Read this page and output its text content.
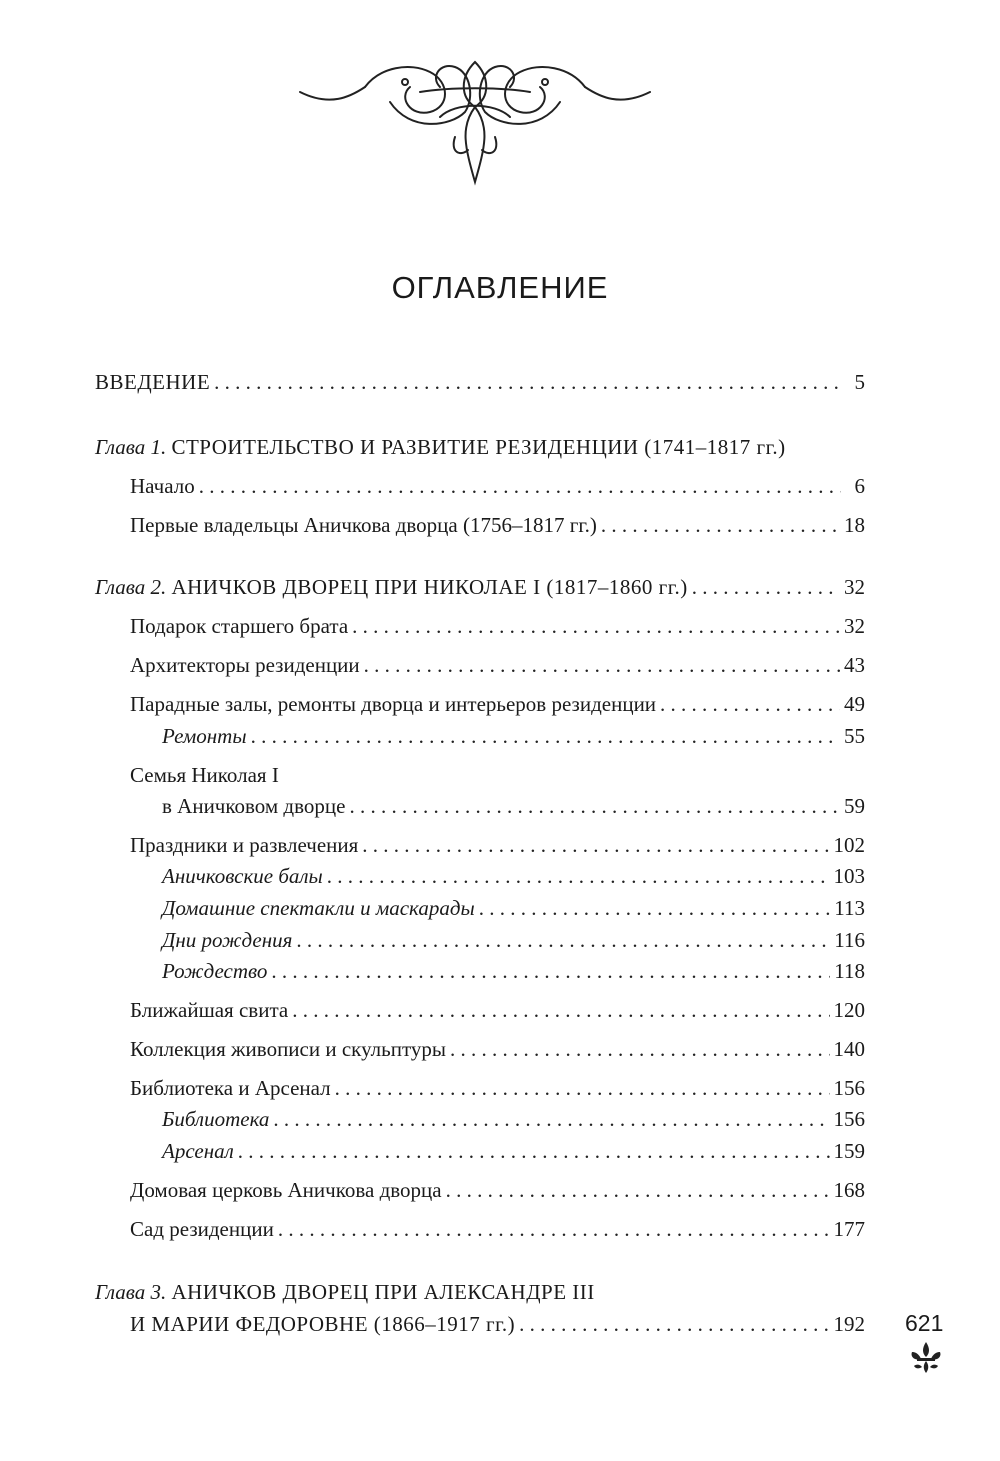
ОГЛАВЛЕНИЕ
ВВЕДЕНИЕ . . .	5
Глава 1. СТРОИТЕЛЬСТВО И РАЗВИТИЕ РЕЗИДЕНЦИИ (1741–1817 гг.)
Начало . . .	6
Первые владельцы Аничкова дворца (1756–1817 гг.) . . .	18
Глава 2. АНИЧКОВ ДВОРЕЦ ПРИ НИКОЛАЕ I (1817–1860 гг.) . . .	32
Подарок старшего брата . . .	32
Архитекторы резиденции . . .	43
Парадные залы, ремонты дворца и интерьеров резиденции . . .	49
Ремонты . . .	55
Семья Николая I
в Аничковом дворце . . .	59
Праздники и развлечения . . .	102
Аничковские балы . . .	103
Домашние спектакли и маскарады . . .	113
Дни рождения . . .	116
Рождество . . .	118
Ближайшая свита . . .	120
Коллекция живописи и скульптуры . . .	140
Библиотека и Арсенал . . .	156
Библиотека . . .	156
Арсенал . . .	159
Домовая церковь Аничкова дворца . . .	168
Сад резиденции . . .	177
Глава 3. АНИЧКОВ ДВОРЕЦ ПРИ АЛЕКСАНДРЕ III
И МАРИИ ФЕДОРОВНЕ (1866–1917 гг.) . . .	192 621
